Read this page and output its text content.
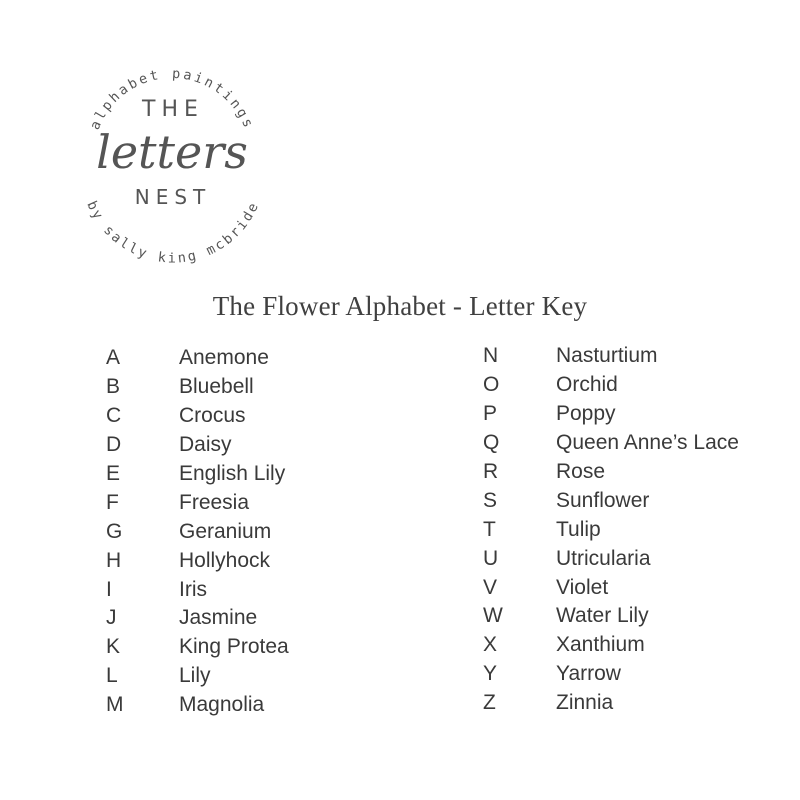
alphabet paintings
THE
letters
NEST
by sally king mcbride
The Flower Alphabet - Letter Key
A	Anemone
B	Bluebell
C	Crocus
D	Daisy
E	English Lily
F	Freesia
G	Geranium
H	Hollyhock
I	Iris
J	Jasmine
K	King Protea
L	Lily
M	Magnolia
N	Nasturtium
O	Orchid
P	Poppy
Q	Queen Anne’s Lace
R	Rose
S	Sunflower
T	Tulip
U	Utricularia
V	Violet
W	Water Lily
X	Xanthium
Y	Yarrow
Z	Zinnia
